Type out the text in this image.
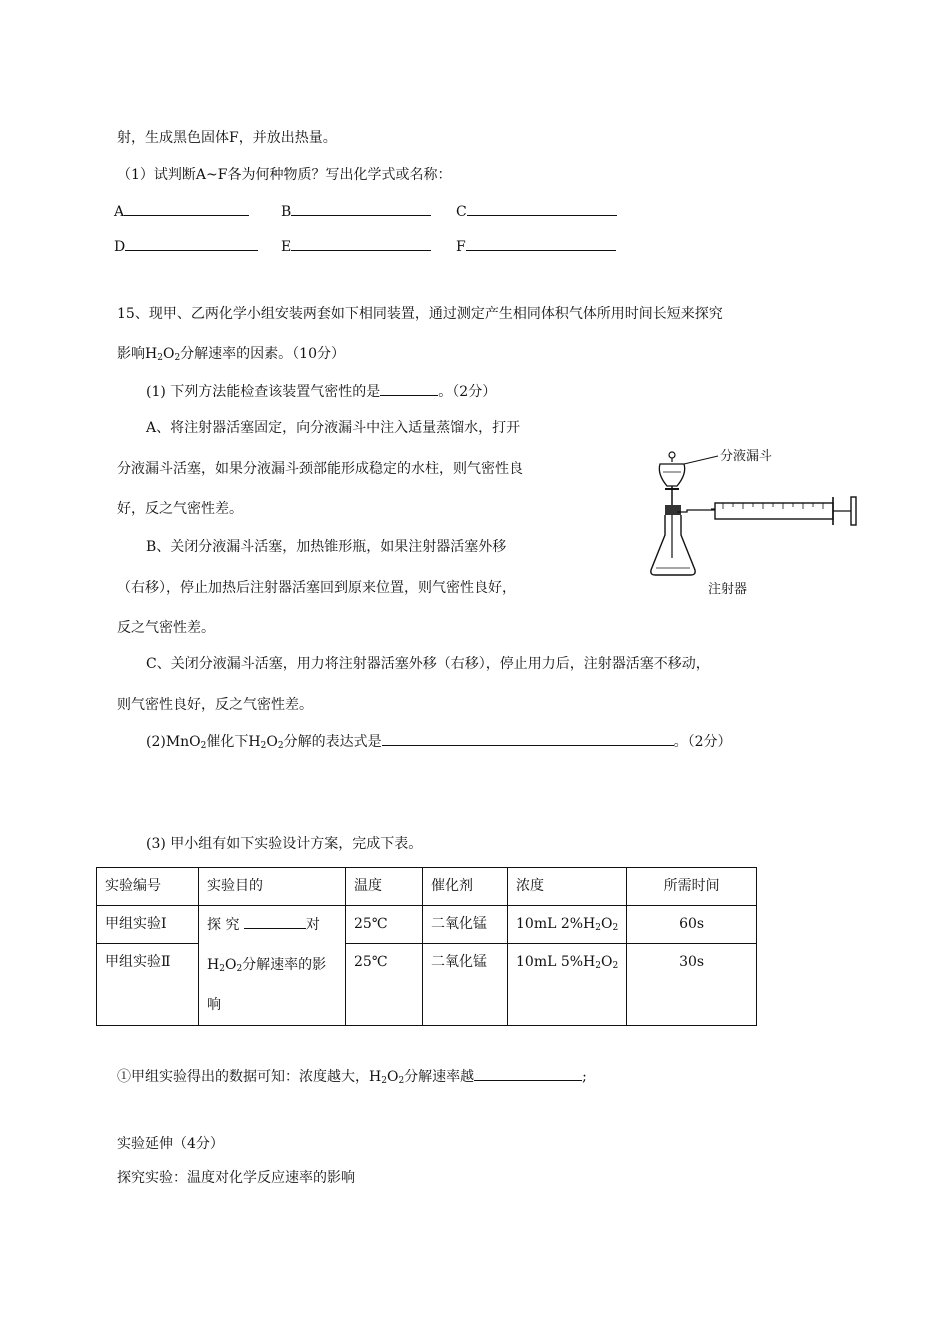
射，生成黑色固体F，并放出热量。
（1）试判断A~F各为何种物质？写出化学式或名称：
A	B	C
D	E	F
15、现甲、乙两化学小组安装两套如下相同装置，通过测定产生相同体积气体所用时间长短来探究
影响$H_2O_2$分解速率的因素。（10分）
(1) 下列方法能检查该装置气密性的是	。（2分）
A、将注射器活塞固定，向分液漏斗中注入适量蒸馏水，打开
分液漏斗活塞，如果分液漏斗颈部能形成稳定的水柱，则气密性良
好，反之气密性差。
B、关闭分液漏斗活塞，加热锥形瓶，如果注射器活塞外移
（右移），停止加热后注射器活塞回到原来位置，则气密性良好，
反之气密性差。
C、关闭分液漏斗活塞，用力将注射器活塞外移（右移），停止用力后，注射器活塞不移动，
则气密性良好，反之气密性差。
(2)MnO$_2$催化下$H_2O_2$分解的表达式是	。（2分）
(3) 甲小组有如下实验设计方案，完成下表。
分液漏斗
注射器
实验编号	实验目的	温度	催化剂	浓度	所需时间
甲组实验Ⅰ	探 究 对
$H_2O_2$分解速率的影
响	25℃	二氧化锰	10mL $2\%H_2O_2$	60s
甲组实验Ⅱ		25℃	二氧化锰	10mL $5\%H_2O_2$	30s
①甲组实验得出的数据可知：浓度越大，$H_2O_2$分解速率越	;
实验延伸（4分）
探究实验：温度对化学反应速率的影响
